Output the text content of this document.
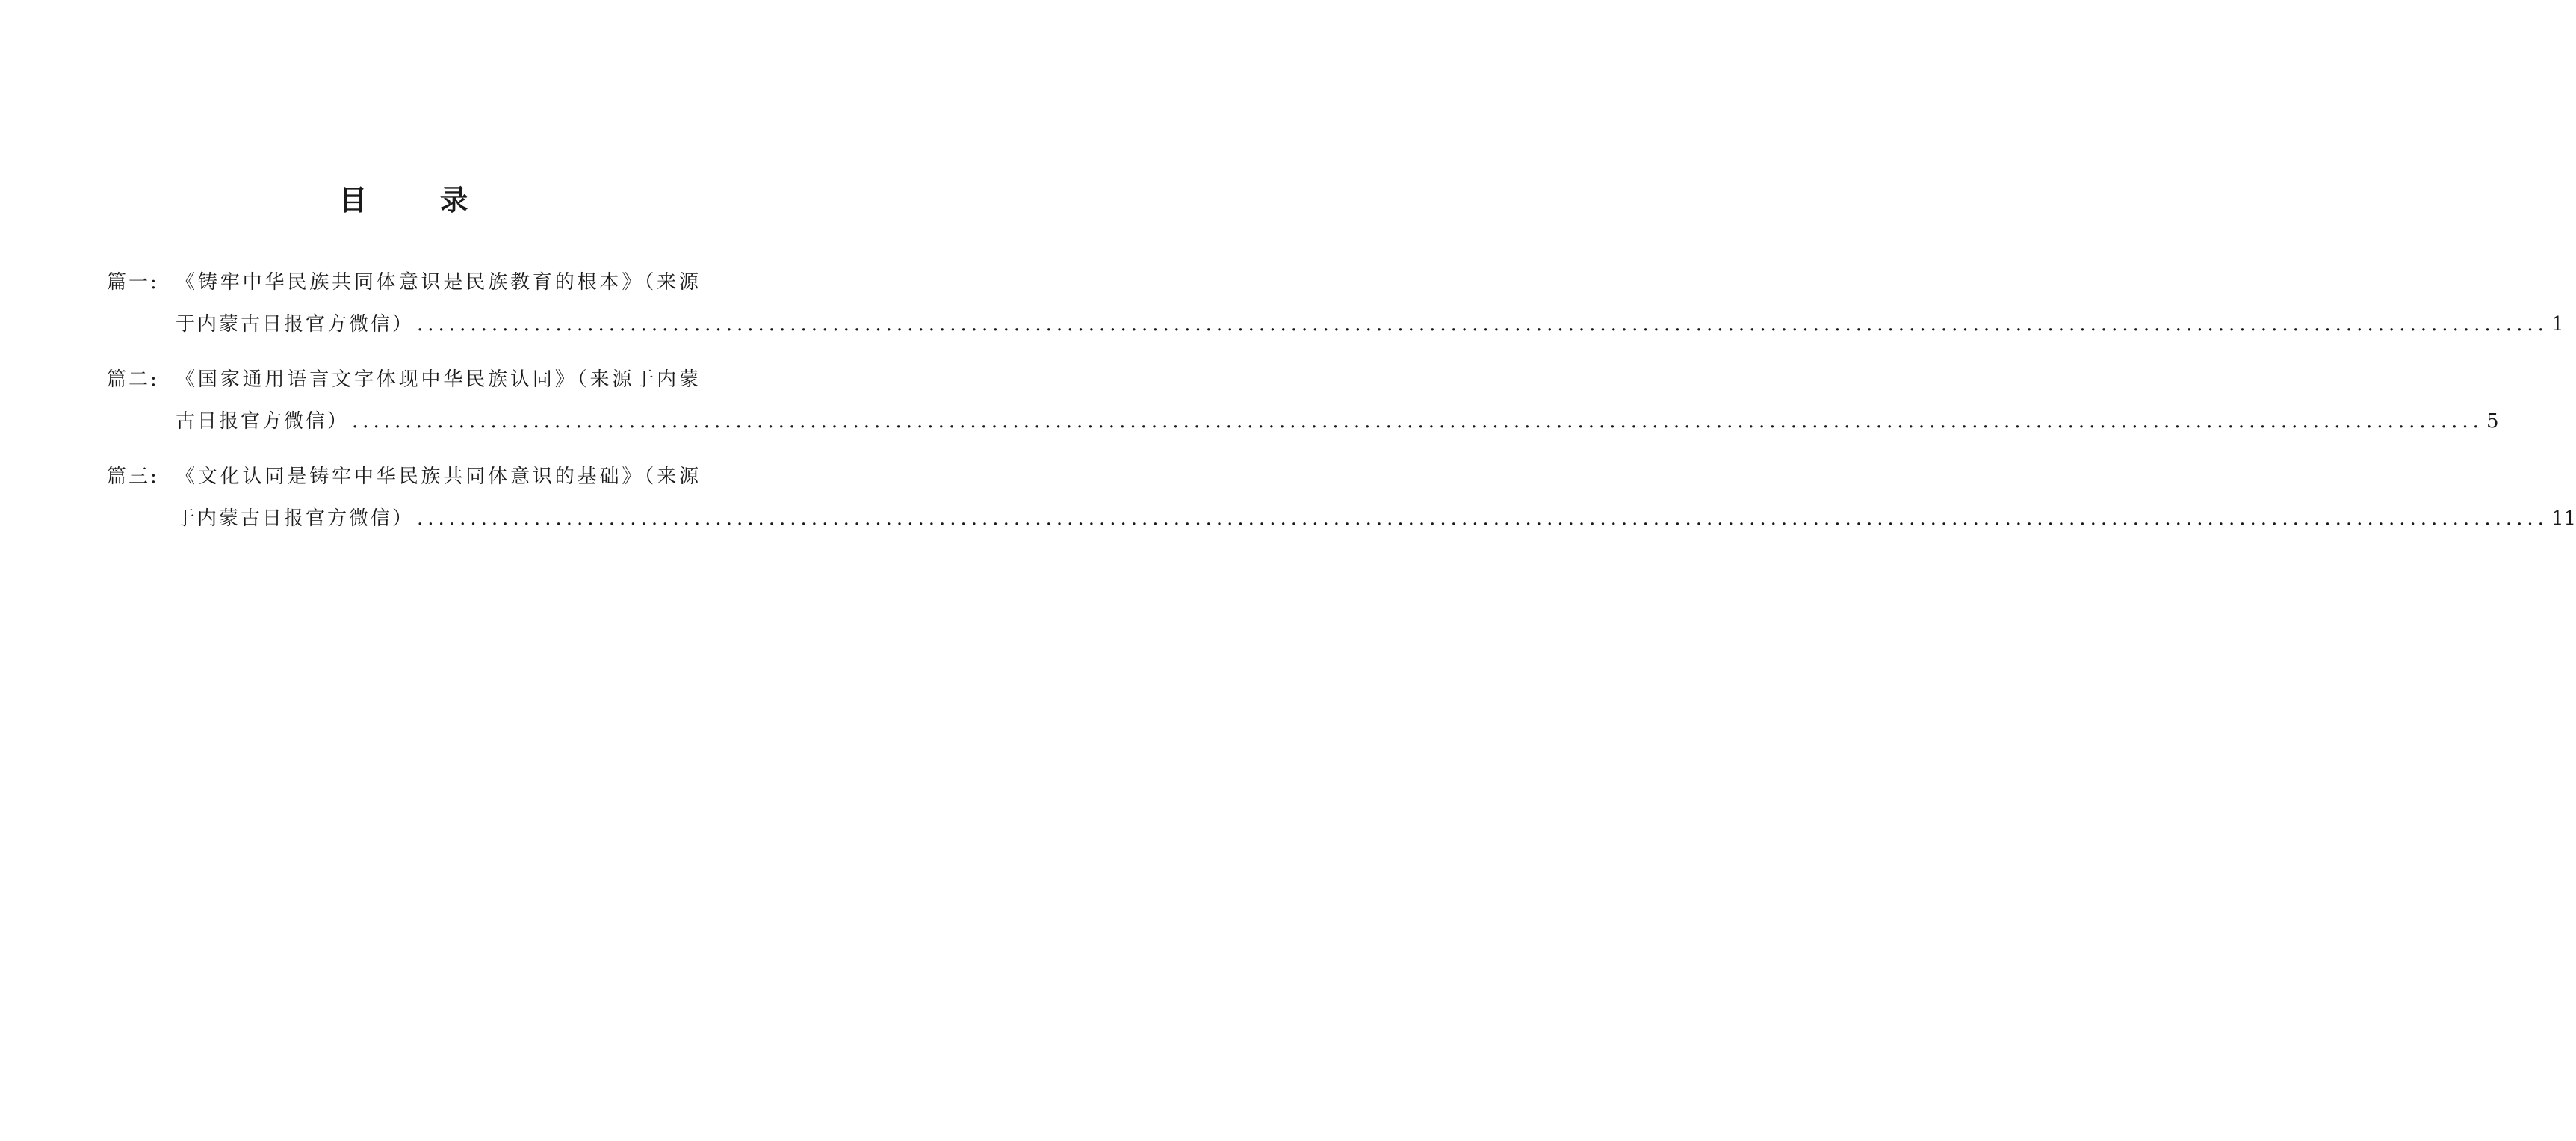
目 录
篇一: 《铸牢中华民族共同体意识是民族教育的根本》（来源
于内蒙古日报官方微信） ........................................................................................................................................................................................................ 1
篇二: 《国家通用语言文字体现中华民族认同》（来源于内蒙
古日报官方微信） ........................................................................................................................................................................................................ 5
篇三: 《文化认同是铸牢中华民族共同体意识的基础》（来源
于内蒙古日报官方微信） ........................................................................................................................................................................................................ 11
